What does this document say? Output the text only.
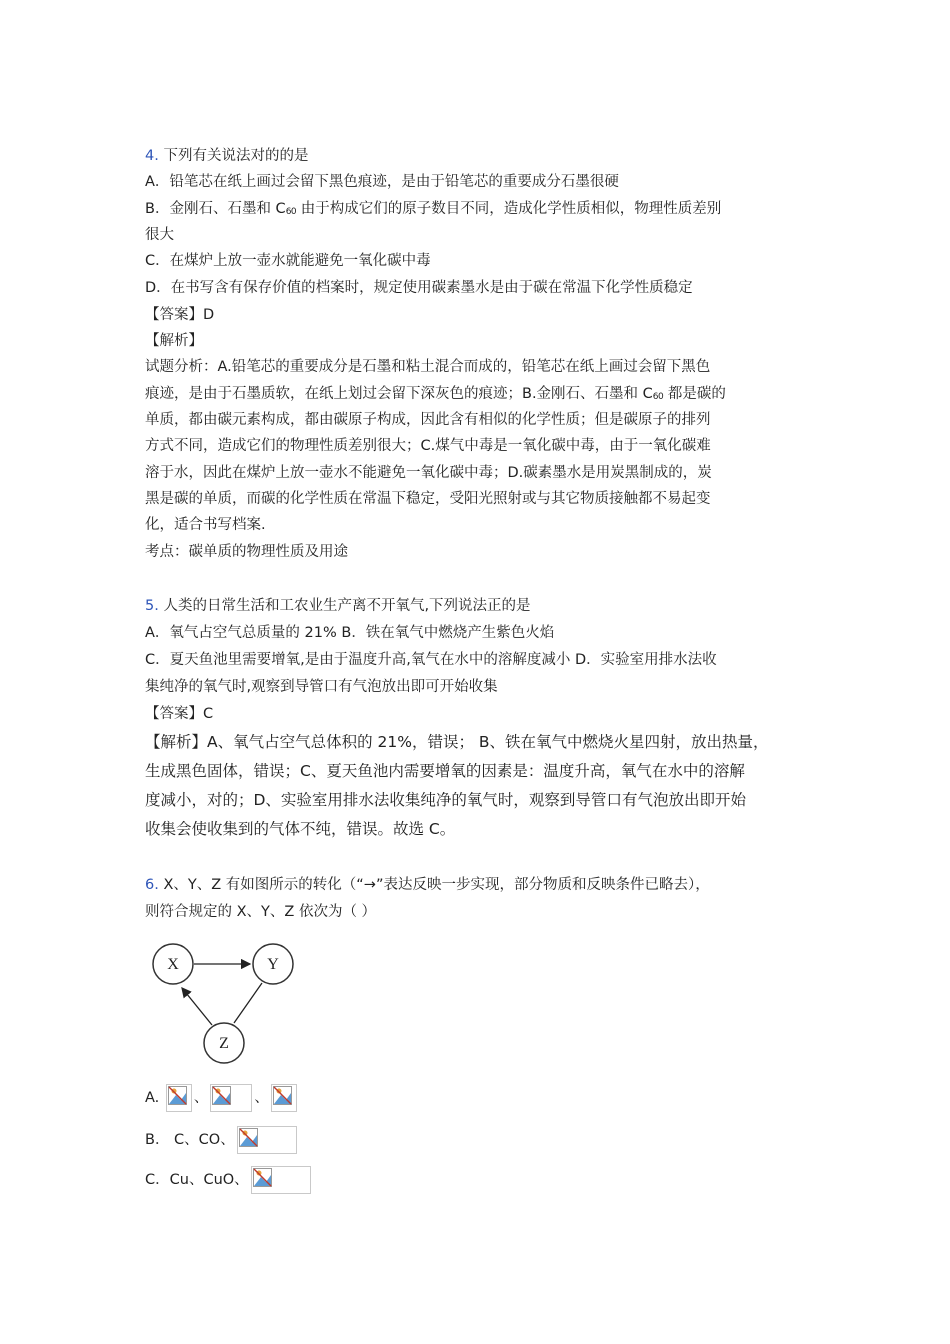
4. 下列有关说法对的的是
A．铅笔芯在纸上画过会留下黑色痕迹，是由于铅笔芯的重要成分石墨很硬
B．金刚石、石墨和 $C_{60}$ 由于构成它们的原子数目不同，造成化学性质相似，物理性质差别
很大
C．在煤炉上放一壶水就能避免一氧化碳中毒
D．在书写含有保存价值的档案时，规定使用碳素墨水是由于碳在常温下化学性质稳定
【答案】D
【解析】
试题分析：A.铅笔芯的重要成分是石墨和粘土混合而成的，铅笔芯在纸上画过会留下黑色
痕迹，是由于石墨质软，在纸上划过会留下深灰色的痕迹；B.金刚石、石墨和 $C_{60}$ 都是碳的
单质，都由碳元素构成，都由碳原子构成，因此含有相似的化学性质；但是碳原子的排列
方式不同，造成它们的物理性质差别很大；C.煤气中毒是一氧化碳中毒，由于一氧化碳难
溶于水，因此在煤炉上放一壶水不能避免一氧化碳中毒；D.碳素墨水是用炭黑制成的，炭
黑是碳的单质，而碳的化学性质在常温下稳定，受阳光照射或与其它物质接触都不易起变
化，适合书写档案.
考点：碳单质的物理性质及用途
5. 人类的日常生活和工农业生产离不开氧气,下列说法正的是
A．氧气占空气总质量的 21% B．铁在氧气中燃烧产生紫色火焰
C．夏天鱼池里需要增氧,是由于温度升高,氧气在水中的溶解度减小 D．实验室用排水法收
集纯净的氧气时,观察到导管口有气泡放出即可开始收集
【答案】C
【解析】A、氧气占空气总体积的 21%，错误； B、铁在氧气中燃烧火星四射，放出热量，
生成黑色固体，错误；C、夏天鱼池内需要增氧的因素是：温度升高，氧气在水中的溶解
度减小，对的；D、实验室用排水法收集纯净的氧气时，观察到导管口有气泡放出即开始
收集会使收集到的气体不纯，错误。故选 C。
6. X、Y、Z 有如图所示的转化（“→”表达反映一步实现，部分物质和反映条件已略去），
则符合规定的 X、Y、Z 依次为（ ）
X	Y
Z
A. 、	、
B． C、CO、
C．Cu、CuO、
